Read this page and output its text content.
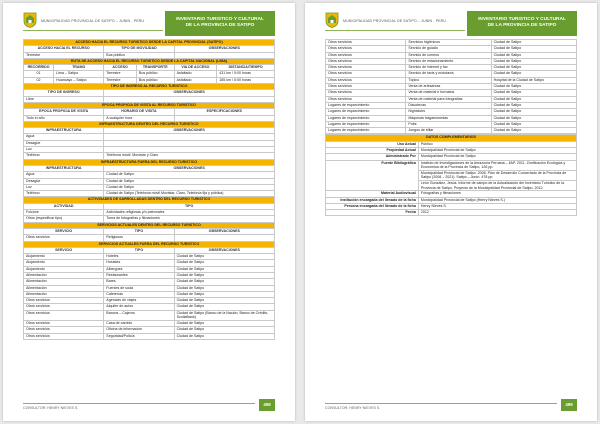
MUNICIPALIDAD PROVINCIAL DE SATIPO – JUNIN - PERU	INVENTARIO TURISTICO Y CULTURAL
DE LA PROVINCIA DE SATIPO
ACCESO HACIA EL RECURSO TURISTICO DESDE LA CAPITAL PROVINCIAL (SATIPO)					
ACCESO HACIA EL RECURSO		TIPO DE MOVILIDAD		OBSERVACIONES	
Terrestre		Bus público			
RUTA DE ACCESO HACIA EL RECURSO TURISTICO DESDE LA CAPITAL NACIONAL (LIMA)					
RECORRIDO	TRAMO	ACCESO	TRANSPORTE	VIA DE ACCESO	DISTANCIA/TIEMPO
01	Lima – Satipo	Terrestre	Bus público	Asfaltado	431 km / 9:00 horas
02	Huancayo – Satipo	Terrestre	Bus público	Asfaltado	185 km / 5:00 horas
TIPO DE INGRESO AL RECURSO TURISTICO					
TIPO DE INGRESO		OBSERVACIONES			
Libre					
EPOCA PROPICIA DE VISITA AL RECURSO TURISTICO					
EPOCA PROPICIA DE VISITA		HORARIO DE VISITA		ESPECIFICACIONES	
Todo el año		A cualquier hora			
INFRAESTRUCTURA DENTRO DEL RECURSO TURISTICO					
INFRAESTRUCTURA		OBSERVACIONES			
Agua					
Desagüe					
Luz					
Teléfono		Telefonía móvil: Movistar y Claro			
INFRAESTRUCTURA FUERA DEL RECURSO TURISTICO					
INFRAESTRUCTURA		OBSERVACIONES			
Agua		Ciudad de Satipo			
Desagüe		Ciudad de Satipo			
Luz		Ciudad de Satipo			
Teléfono		Ciudad de Satipo (Telefonía móvil Movistar, Claro, Telefonía fija y pública)			
ACTIVIDADES DE SARROLLADAS DENTRO DEL RECURSO TURISTICO					
ACTIVIDAD		TIPO			
Folclore		Actividades religiosas y/o patronales			
Otros (especificar tipo)		Toma de fotografías y filmaciones			
SERVICIOS ACTUALES DENTRO DEL RECURSO TURISTICO					
SERVICIO		TIPO		OBSERVACIONES	
Otros servicios		Religiosos			
SERVICIOS ACTUALES FUERA DEL RECURSO TURISTICO					
SERVICIO		TIPO		OBSERVACIONES	
Alojamiento		Hoteles		Ciudad de Satipo	
Alojamiento		Hostales		Ciudad de Satipo	
Alojamiento		Albergues		Ciudad de Satipo	
Alimentación		Restaurantes		Ciudad de Satipo	
Alimentación		Bares		Ciudad de Satipo	
Alimentación		Fuentes de soda		Ciudad de Satipo	
Alimentación		Cafeterías		Ciudad de Satipo	
Otros servicios		Agencias de viajes		Ciudad de Satipo	
Otros servicios		Alquiler de autos		Ciudad de Satipo	
Otros servicios		Bancos – Cajeros		Ciudad de Satipo (Banco de la Nación, Banco de Crédito, ScotiaBank)	
Otros servicios		Casa de cambio		Ciudad de Satipo	
Otros servicios		Oficina de información		Ciudad de Satipo	
Otros servicios		Seguridad/Policía		Ciudad de Satipo	
CONSULTOR: HENRY NIEVES S.
498
MUNICIPALIDAD PROVINCIAL DE SATIPO – JUNIN - PERU	INVENTARIO TURISTICO Y CULTURAL
DE LA PROVINCIA DE SATIPO
Otros servicios	Servicios higiénicos	Ciudad de Satipo
Otros servicios	Servicio de guiado	Ciudad de Satipo
Otros servicios	Servicio de correos	Ciudad de Satipo
Otros servicios	Servicio de estacionamiento	Ciudad de Satipo
Otros servicios	Servicio de internet y fax	Ciudad de Satipo
Otros servicios	Servicio de taxis y mototaxis	Ciudad de Satipo
Otros servicios	Tópico	Hospital de la Ciudad de Satipo
Otros servicios	Venta de artesanías	Ciudad de Satipo
Otros servicios	Venta de material e formatos	Ciudad de Satipo
Otros servicios	Venta de material para fotografías	Ciudad de Satipo
Lugares de esparcimiento	Discotecas	Ciudad de Satipo
Lugares de esparcimiento	Nightclubs	Ciudad de Satipo
Lugares de esparcimiento	Máquinas tragamonedas	Ciudad de Satipo
Lugares de esparcimiento	Pubs	Ciudad de Satipo
Lugares de esparcimiento	Juegos de billar	Ciudad de Satipo
DATOS COMPLEMENTARIOS	
Uso Actual	Público
Propiedad Actual	Municipalidad Provincial de Satipo
Administrado Por	Municipalidad Provincial de Satipo
Fuente Bibliográfica	Instituto de Investigaciones de la Amazonía Peruana – IIAP. 2011. Zonificación Ecológica y Económica de la Provincia de Satipo, 126 pp.
	Municipalidad Provincial de Satipo. 2008. Plan de Desarrollo Concertado de la Provincia de Satipo (2008 – 2021). Satipo – Junín. 478 pp.
	León González, Jesús. Informe de campo de la Actualización del Inventario Turístico de la Provincia de Satipo, Proyecto de la Municipalidad Provincial de Satipo. 2012.
Material Audiovisual	Fotografías y filmaciones
Institución encargada del llenado de la ficha	Municipalidad Provincial de Satipo (Henry Nieves S.)
Persona encargada del llenado de la ficha	Henry Nieves S.
Fecha	2012
CONSULTOR: HENRY NIEVES S.
499
